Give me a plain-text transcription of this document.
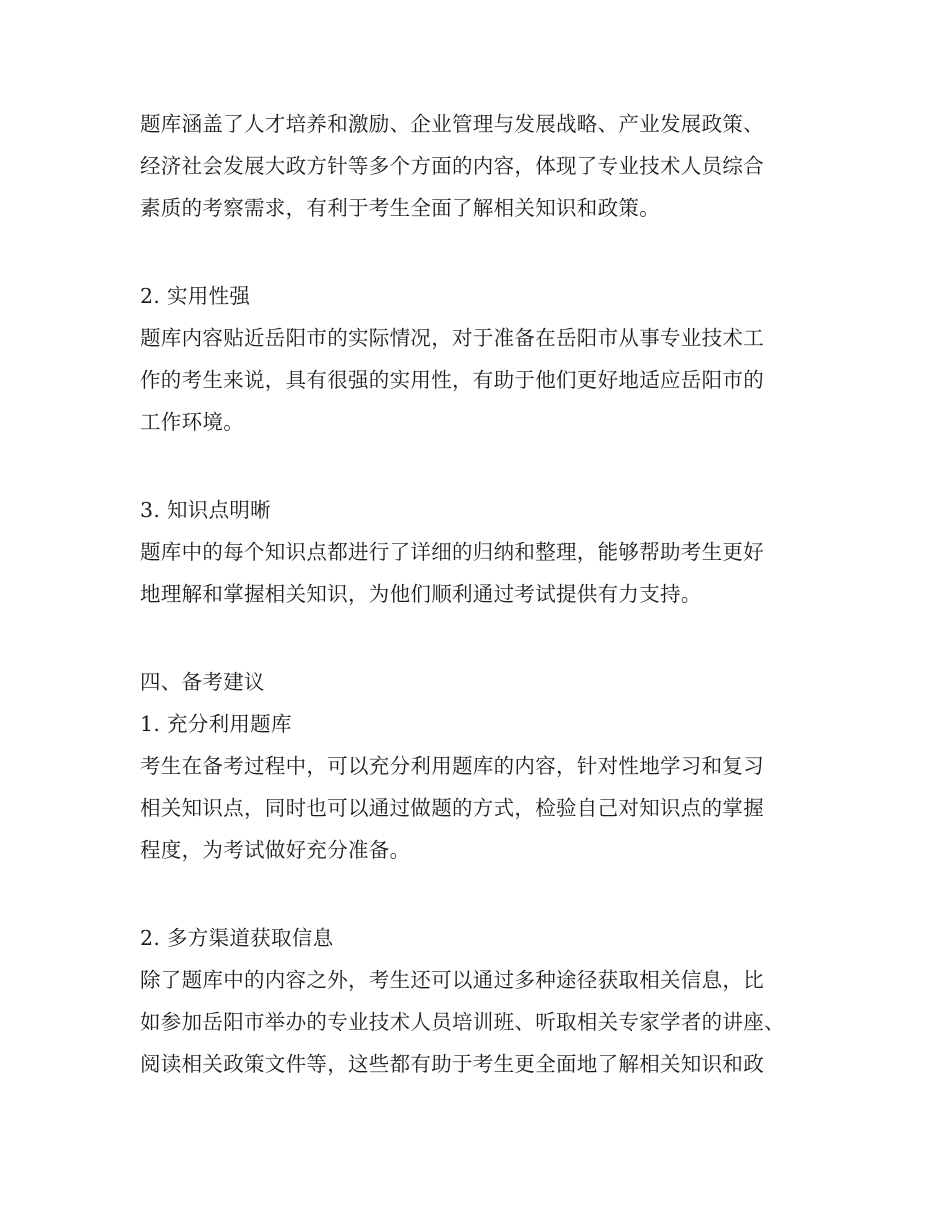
题库涵盖了人才培养和激励、企业管理与发展战略、产业发展政策、
经济社会发展大政方针等多个方面的内容，体现了专业技术人员综合
素质的考察需求，有利于考生全面了解相关知识和政策。
2. 实用性强
题库内容贴近岳阳市的实际情况，对于准备在岳阳市从事专业技术工
作的考生来说，具有很强的实用性，有助于他们更好地适应岳阳市的
工作环境。
3. 知识点明晰
题库中的每个知识点都进行了详细的归纳和整理，能够帮助考生更好
地理解和掌握相关知识，为他们顺利通过考试提供有力支持。
四、备考建议
1. 充分利用题库
考生在备考过程中，可以充分利用题库的内容，针对性地学习和复习
相关知识点，同时也可以通过做题的方式，检验自己对知识点的掌握
程度，为考试做好充分准备。
2. 多方渠道获取信息
除了题库中的内容之外，考生还可以通过多种途径获取相关信息，比
如参加岳阳市举办的专业技术人员培训班、听取相关专家学者的讲座、
阅读相关政策文件等，这些都有助于考生更全面地了解相关知识和政
